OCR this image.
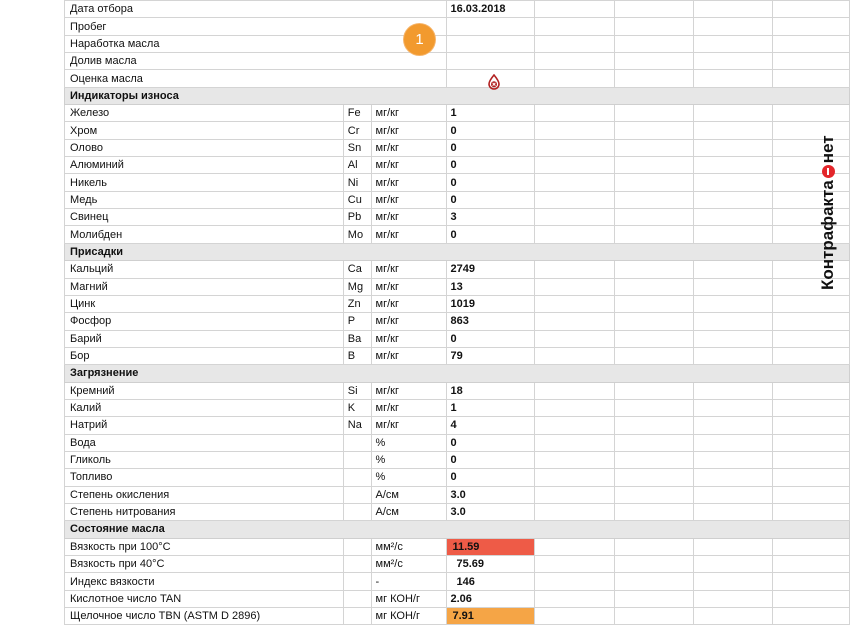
Дата отбора			16.03.2018				
Пробег							
Наработка масла							
Долив масла							
Оценка масла							
Индикаторы износа							
Железо	Fe	мг/кг	1				
Хром	Cr	мг/кг	0				
Олово	Sn	мг/кг	0				
Алюминий	Al	мг/кг	0				
Никель	Ni	мг/кг	0				
Медь	Cu	мг/кг	0				
Свинец	Pb	мг/кг	3				
Молибден	Mo	мг/кг	0				
Присадки							
Кальций	Ca	мг/кг	2749				
Магний	Mg	мг/кг	13				
Цинк	Zn	мг/кг	1019				
Фосфор	P	мг/кг	863				
Барий	Ba	мг/кг	0				
Бор	B	мг/кг	79				
Загрязнение							
Кремний	Si	мг/кг	18				
Калий	K	мг/кг	1				
Натрий	Na	мг/кг	4				
Вода		%	0				
Гликоль		%	0				
Топливо		%	0				
Степень окисления		A/см	3.0				
Степень нитрования		A/см	3.0				
Состояние масла							
Вязкость при 100°С		мм²/с	11.59				
Вязкость при 40°С		мм²/с	75.69				
Индекс вязкости		-	146				
Кислотное число TAN		мг КОН/г	2.06				
Щелочное число TBN (ASTM D 2896)		мг КОН/г	7.91				
1
Контрафакта
нет
